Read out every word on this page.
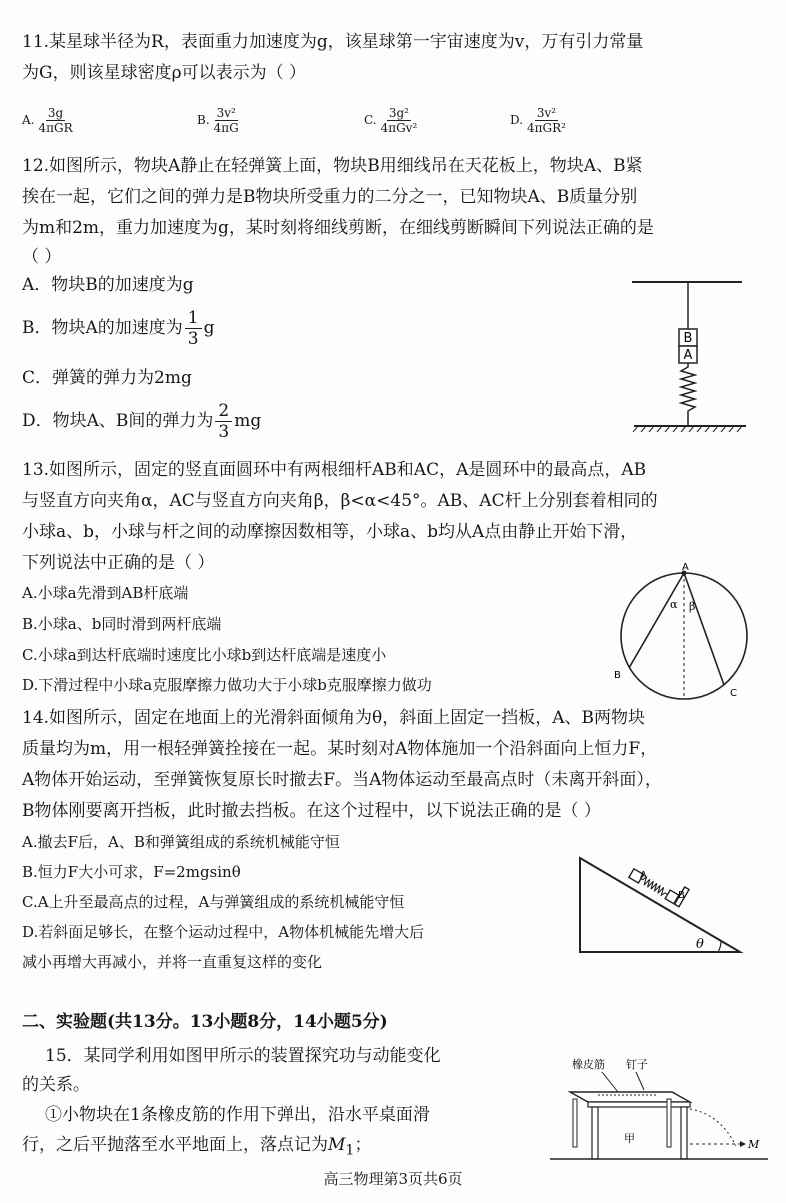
11.某星球半径为R，表面重力加速度为g，该星球第一宇宙速度为v，万有引力常量
为G，则该星球密度ρ可以表示为（ ）
A. $\frac{3g}{\text{4πGR}}$	B. $\frac{\text{3v²}}{4\pi G}$	C. $\frac{\text{3g²}}{\text{4πGv²}}$	D. $\frac{\text{3v²}}{\text{4πGR²}}$
12.如图所示，物块A静止在轻弹簧上面，物块B用细线吊在天花板上，物块A、B紧
挨在一起，它们之间的弹力是B物块所受重力的二分之一，已知物块A、B质量分别
为m和2m，重力加速度为g，某时刻将细线剪断，在细线剪断瞬间下列说法正确的是
（ ）
A．物块B的加速度为g
B．物块A的加速度为 $\frac{1}{3}$ g
C．弹簧的弹力为2mg
D．物块A、B间的弹力为 $\frac{2}{3}$ mg
B
A
13.如图所示，固定的竖直面圆环中有两根细杆AB和AC，A是圆环中的最高点，AB
与竖直方向夹角α，AC与竖直方向夹角β，β<α<45°。AB、AC杆上分别套着相同的
小球a、b，小球与杆之间的动摩擦因数相等，小球a、b均从A点由静止开始下滑，
下列说法中正确的是（ ）
A.小球a先滑到AB杆底端
B.小球a、b同时滑到两杆底端
C.小球a到达杆底端时速度比小球b到达杆底端是速度小
D.下滑过程中小球a克服摩擦力做功大于小球b克服摩擦力做功
A
B
C
α β
14.如图所示，固定在地面上的光滑斜面倾角为θ，斜面上固定一挡板，A、B两物块
质量均为m，用一根轻弹簧拴接在一起。某时刻对A物体施加一个沿斜面向上恒力F，
A物体开始运动，至弹簧恢复原长时撤去F。当A物体运动至最高点时（未离开斜面），
B物体刚要离开挡板，此时撤去挡板。在这个过程中，以下说法正确的是（ ）
A.撤去F后，A、B和弹簧组成的系统机械能守恒
B.恒力F大小可求，F=2mgsinθ
C.A上升至最高点的过程，A与弹簧组成的系统机械能守恒
D.若斜面足够长，在整个运动过程中，A物体机械能先增大后
减小再增大再减小，并将一直重复这样的变化
θ
A
B
二、实验题(共13分。13小题8分，14小题5分)
15．某同学利用如图甲所示的装置探究功与动能变化
的关系。
①小物块在1条橡皮筋的作用下弹出，沿水平桌面滑
行，之后平抛落至水平地面上，落点记为$M_1$；
橡皮筋 钉子
M
甲
高三物理第3页共6页
